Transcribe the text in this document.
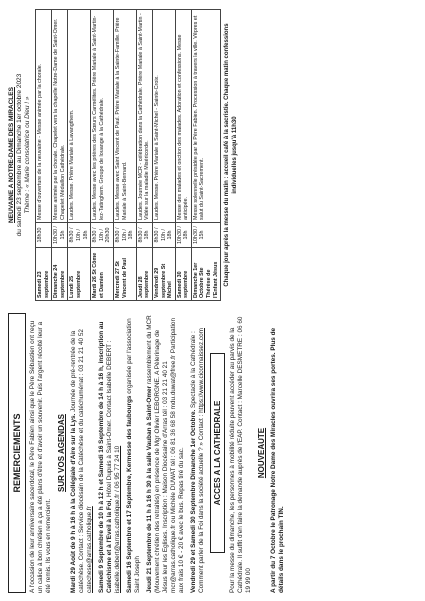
REMERCIEMENTS	A l'occasion de leur anniversaire sacerdotal, le Père Fabien ainsi que le Père Sébastien ont reçu un calice à bon chrétien a ça a été plans d'être et d'avoir un souvenir. Puis l'argent récolté leur a été remis. Ils vous en remercient.

SUR VOS AGENDAS Mardi 29 Août de 9 h à 16 h à la Collégiale d'Aire sur la Lys. Journée de pré-rentrée de la catéchèse. Contact : Service diocésain de la Catéchèse et du catéchuménat : 03 21 21 40 52 catechese@arras.catholique.fr Samedi 9 Septembre de 10 h à 12 h et Samedi 16 Septembre de 14 h à 16 h, inscription au Catéchisme et à l'Eveil à la Foi, Hôtel Dupuis à Saint-Omer. Contact Isabelle DEBERT : isabelle.debert@arras.catholique.fr / 06 95 77 24 10 Samedi 16 Septembre et 17 Septembre, Kermesse des faubourgs organisée par l'association Saint Joseph Jeudi 21 Septembre de 11 h à 16 h 30 à la salle Vauban à Saint-Omer rassemblement du MCR (Mouvement chrétien des retraités) en présence de Mgr Olivier LEBORGNE. A Pèlerinage de Jésus leur les Eglises. Inscription : Maison Diocésaine d'Arras tél : 03 21 21 40 21 mcr@arras.catholique.fr ou Michèle DUWAT tél : 06 81 36 68 58 mdu.duwat@free.fr Participation aux frais 10 € - 20 € avec le bus. Repas tiré du sac. Vendredi 29 et Samedi 30 Septembre Dimanche 1er Octobre. Spectacle à la Cathédrale : Comment parler de la Foi dans la société actuelle ? » Contact : https://www.ciconnaissez.com

ACCES A LA CATHEDRALE	Pour la messe du dimanche, les personnes à mobilité réduite peuvent accéder au parvis de la Cathédrale. Il suffit d'en faire la demande auprès de l'EAP. Contact : Marcelle DESMETRE : 06 60 19 99 00

NOUVEAUTE A partir du 7 Octobre le Patronage Notre Dame des Miracles ouvrira ses portes. Plus de détails dans le prochain TIN.

NEUVAINE A NOTRE-DAME DES MIRACLES du samedi 23 septembre au Dimanche 1er octobre 2023 Thème : « Marie consolatrice ou Dieu ! »
Samedi 23 septembre	18h30	Messe d'ouverture de la neuvaine - Messe animée par la chorale.
Dimanche 24 septembre	10h30 / 15h	Messe animée par la chorale. Chapelet vers la chapelle Notre-Dame de Saint-Omer. Chapelet Médaillon Cathédrale.
Lundi 25 septembre	8h30 / 10h / 18h	Laudes. Messe. Prière Mariale à Lavangthem.
Mardi 26 St Côme et Damien	8h30 / 10h / 20h30	Laudes. Messe avec les prières des Sœurs Carmélites. Prière Mariale à Saint-Martin-lez-Tatinghem. Groupe de louange à la Cathédrale.
Mercredi 27 St Vincent de Paul	8h30 / 10h / 18h	Laudes. Messe avec Saint Vincent de Paul. Prière Mariale à la Sainte-Famille. Prière Mariale à Saint-Bernard.
Jeudi 28 septembre	8h30 / 18h	Laudes. Journée MCR - célébration dans la Cathédrale. Prière Mariale à Saint-Martin - Vidée sur la maladie Miséricorde.
Vendredi 29 septembre St Michel	8h30 / 10h / 18h	Laudes. Messe. Prière Mariale à Saint-Michel - Sainte-Croix.
Samedi 30 septembre	10h30 / 18h	Messe des malades et onction des malades. Adoration et confessions. Messe anticipée.
Dimanche 1er Octobre Ste Thérèse de l'Enfant Jésus	10h30 / 15h	Messe solennelle présidée par le Père Fabien. Procession à travers la ville. Vêpres et salut du Saint-Sacrement.	Chaque jour après la messe du matin : accueil café à la sacristie. Chaque matin confessions individuelles jusqu'à 11h30
